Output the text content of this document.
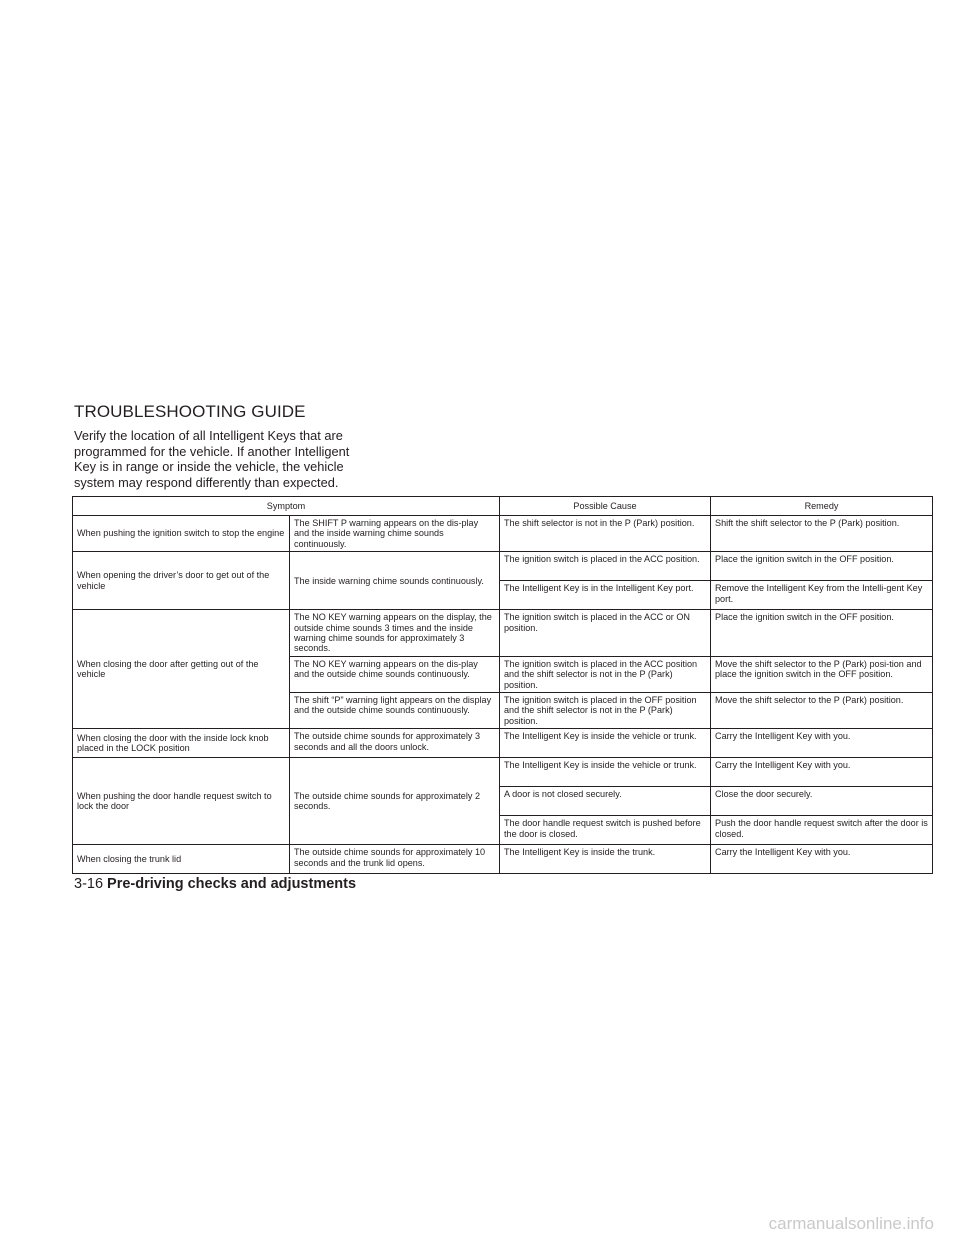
TROUBLESHOOTING GUIDE

Verify the location of all Intelligent Keys that are programmed for the vehicle. If another Intelligent Key is in range or inside the vehicle, the vehicle system may respond differently than expected.

Symptom		Possible Cause	Remedy
When pushing the ignition switch to stop the engine	The SHIFT P warning appears on the dis-play and the inside warning chime sounds continuously.	The shift selector is not in the P (Park) position.	Shift the shift selector to the P (Park) position.
When opening the driver’s door to get out of the vehicle	The inside warning chime sounds continuously.	The ignition switch is placed in the ACC position.	Place the ignition switch in the OFF position.
		The Intelligent Key is in the Intelligent Key port.	Remove the Intelligent Key from the Intelli-gent Key port.
When closing the door after getting out of the vehicle	The NO KEY warning appears on the display, the outside chime sounds 3 times and the inside warning chime sounds for approximately 3 seconds.	The ignition switch is placed in the ACC or ON position.	Place the ignition switch in the OFF position.
	The NO KEY warning appears on the dis-play and the outside chime sounds continuously.	The ignition switch is placed in the ACC position and the shift selector is not in the P (Park) position.	Move the shift selector to the P (Park) posi-tion and place the ignition switch in the OFF position.
	The shift “P” warning light appears on the display and the outside chime sounds continuously.	The ignition switch is placed in the OFF position and the shift selector is not in the P (Park) position.	Move the shift selector to the P (Park) position.
When closing the door with the inside lock knob placed in the LOCK position	The outside chime sounds for approximately 3 seconds and all the doors unlock.	The Intelligent Key is inside the vehicle or trunk.	Carry the Intelligent Key with you.
When pushing the door handle request switch to lock the door	The outside chime sounds for approximately 2 seconds.	The Intelligent Key is inside the vehicle or trunk.	Carry the Intelligent Key with you.
		A door is not closed securely.	Close the door securely.
		The door handle request switch is pushed before the door is closed.	Push the door handle request switch after the door is closed.
When closing the trunk lid	The outside chime sounds for approximately 10 seconds and the trunk lid opens.	The Intelligent Key is inside the trunk.	Carry the Intelligent Key with you.
3-16 Pre-driving checks and adjustments
carmanualsonline.info
